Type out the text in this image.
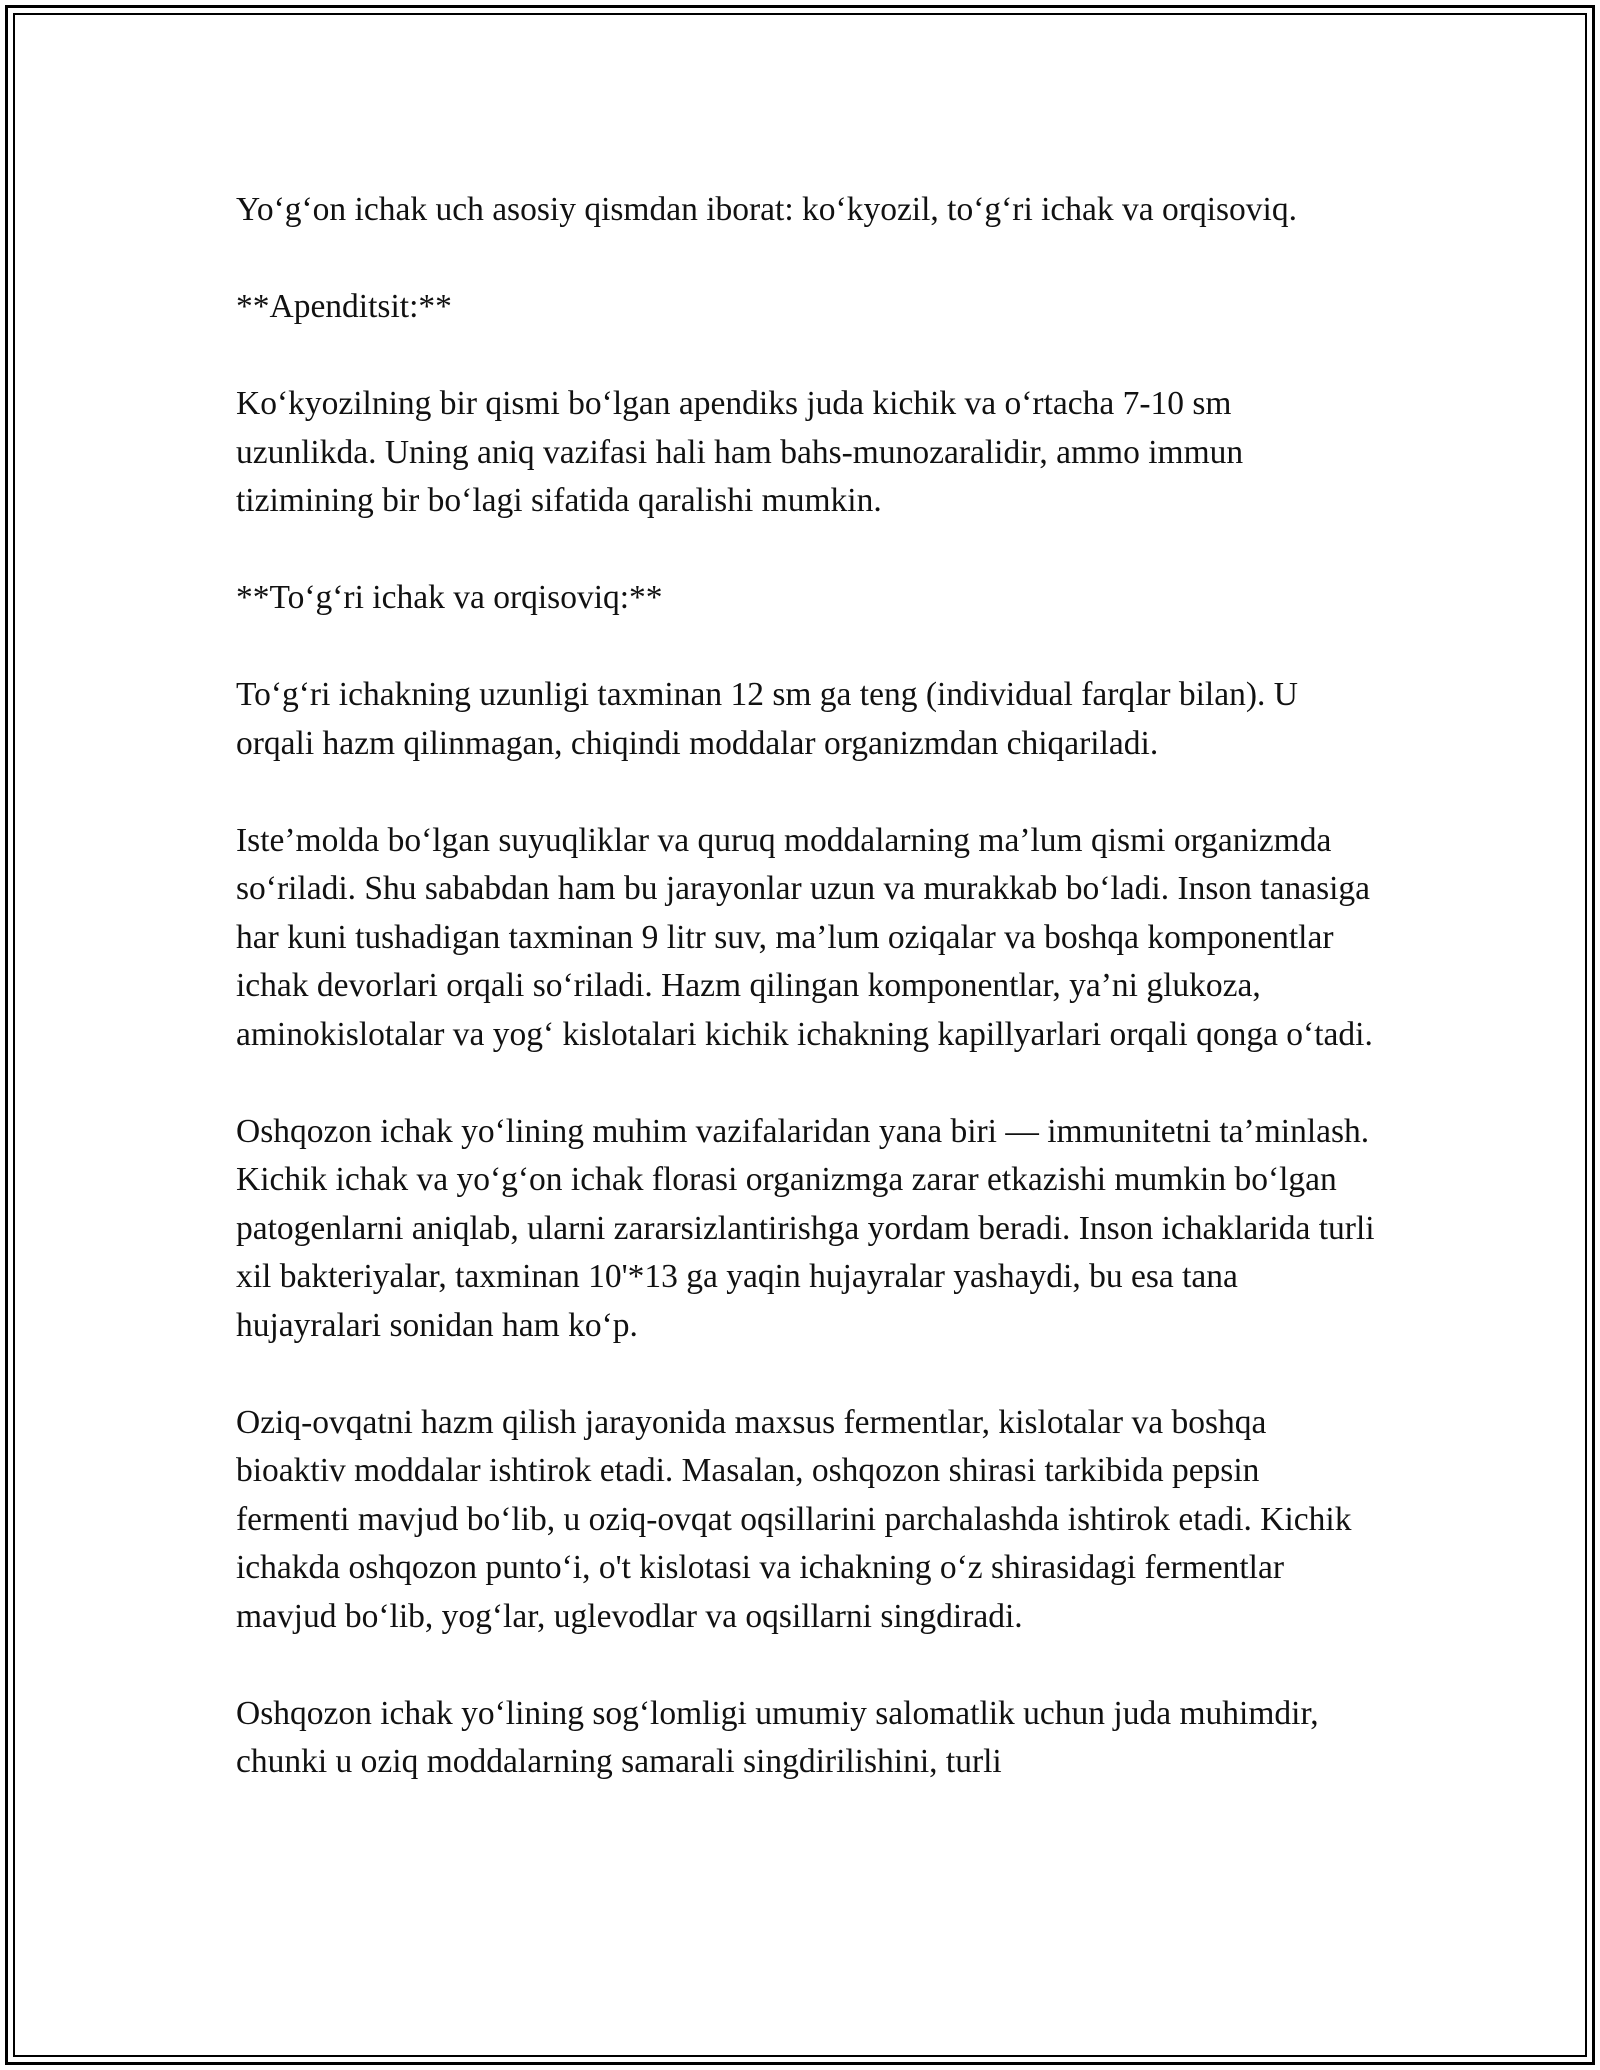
Yo‘g‘on ichak uch asosiy qismdan iborat: ko‘kyozil, to‘g‘ri ichak va orqisoviq.

**Apenditsit:**

Ko‘kyozilning bir qismi bo‘lgan apendiks juda kichik va o‘rtacha 7-10 sm uzunlikda. Uning aniq vazifasi hali ham bahs-munozaralidir, ammo immun tizimining bir bo‘lagi sifatida qaralishi mumkin.

**To‘g‘ri ichak va orqisoviq:**

To‘g‘ri ichakning uzunligi taxminan 12 sm ga teng (individual farqlar bilan). U orqali hazm qilinmagan, chiqindi moddalar organizmdan chiqariladi.

Iste’molda bo‘lgan suyuqliklar va quruq moddalarning ma’lum qismi organizmda so‘riladi. Shu sababdan ham bu jarayonlar uzun va murakkab bo‘ladi. Inson tanasiga har kuni tushadigan taxminan 9 litr suv, ma’lum oziqalar va boshqa komponentlar ichak devorlari orqali so‘riladi. Hazm qilingan komponentlar, ya’ni glukoza, aminokislotalar va yog‘ kislotalari kichik ichakning kapillyarlari orqali qonga o‘tadi.

Oshqozon ichak yo‘lining muhim vazifalaridan yana biri — immunitetni ta’minlash. Kichik ichak va yo‘g‘on ichak florasi organizmga zarar etkazishi mumkin bo‘lgan patogenlarni aniqlab, ularni zararsizlantirishga yordam beradi. Inson ichaklarida turli xil bakteriyalar, taxminan 10'*13 ga yaqin hujayralar yashaydi, bu esa tana hujayralari sonidan ham ko‘p.

Oziq-ovqatni hazm qilish jarayonida maxsus fermentlar, kislotalar va boshqa bioaktiv moddalar ishtirok etadi. Masalan, oshqozon shirasi tarkibida pepsin fermenti mavjud bo‘lib, u oziq-ovqat oqsillarini parchalashda ishtirok etadi. Kichik ichakda oshqozon punto‘i, o't kislotasi va ichakning o‘z shirasidagi fermentlar mavjud bo‘lib, yog‘lar, uglevodlar va oqsillarni singdiradi.

Oshqozon ichak yo‘lining sog‘lomligi umumiy salomatlik uchun juda muhimdir, chunki u oziq moddalarning samarali singdirilishini, turli
